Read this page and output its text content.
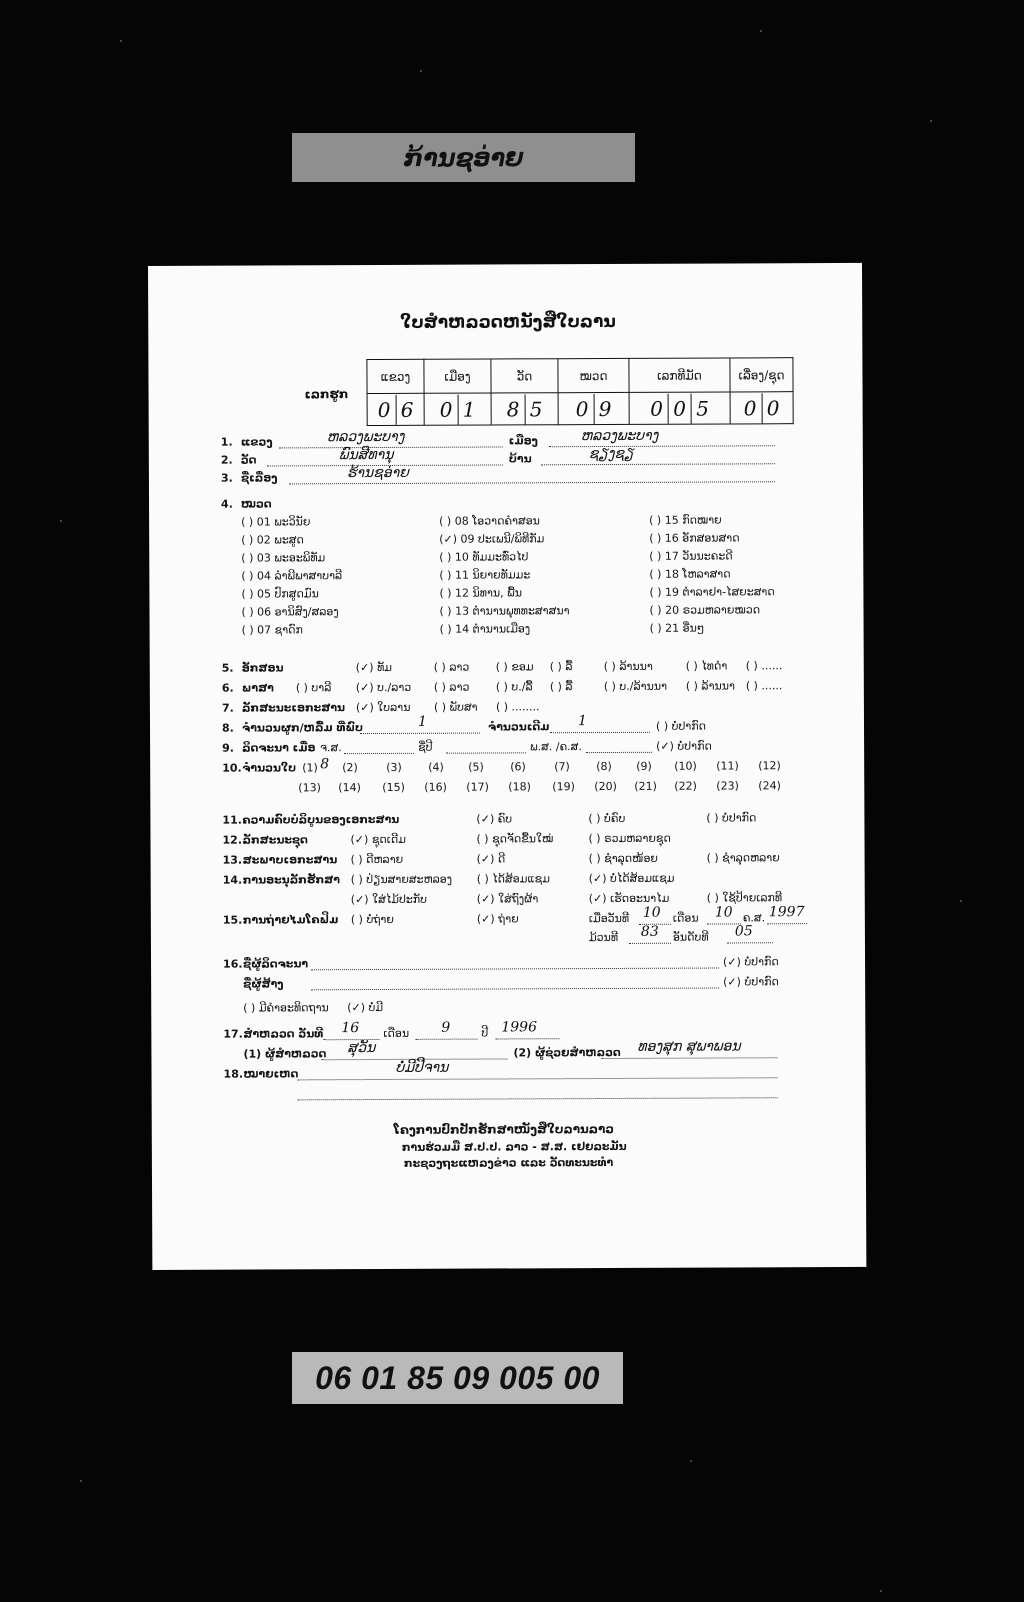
ກ້ານຊອ່າຍ
ໃບສຳຫລວດຫນັງສືໃບລານ
ເລກຮູກ
ແຂວງ	ເມືອງ	ວັດ	ໝວດ	ເລກທີມັດ	ເລື່ອງ/ຊຸດ
0 6	0 1	8 5	0 9	0 0 5	0 0
1. ແຂວງ	ຫລວງພະບາງ	ເມືອງ	ຫລວງພະບາງ
2. ວັດ	ພົນສີທານຸ	ບ້ານ	ຊຽງຊຽ
3. ຊື່ເລື່ອງ	ຮ້ານຊອ່າຍ
4. ໝວດ
( ) 01 ພະວິນັຍ
( ) 02 ພະສູດ
( ) 03 ພະອະພິທັມ
( ) 04 ລຳພີພາສາບາລີ
( ) 05 ປົກສູດມົນ
( ) 06 ອານິສົງ/ສລອງ
( ) 07 ຊາດົກ
( ) 08 ໂອວາດຄຳສອນ
(✓) 09 ປະເພນີ/ພິທີກັມ
( ) 10 ທັມມະທົ່ວໄປ
( ) 11 ນິຍາຍທັມມະ
( ) 12 ນິທານ, ພື້ນ
( ) 13 ຕຳນານພຸທທະສາສນາ
( ) 14 ຕຳນານເມືອງ
( ) 15 ກົດໝາຍ
( ) 16 ອັກສອນສາດ
( ) 17 ວັນນະຄະດີ
( ) 18 ໂຫລາສາດ
( ) 19 ຕຳລາຢາ-ໄສຍະສາດ
( ) 20 ຣວມຫລາຍໝວດ
( ) 21 ອື່ນໆ
5. ອັກສອນ	(✓) ທັມ	( ) ລາວ ( ) ຂອມ ( ) ລື້	( ) ລ້ານນາ	( ) ໄທດຳ ( ) ......
6. ພາສາ ( ) ບາລີ (✓) ບ./ລາວ ( ) ລາວ ( ) ບ./ລື້ ( ) ລື້	( ) ບ./ລ້ານນາ ( ) ລ້ານນາ ( ) ......
7. ລັກສະນະເອກະສານ (✓) ໃບລານ ( ) ພັບສາ ( ) ........
8. ຈຳນວນຜູກ/ຫລື້ມ ທີ່ພົບ	1	ຈຳນວນເດີມ 1	( ) ບໍ່ປາກົດ
9. ລິດຈະນາ ເມື່ອ ຈ.ສ.	ຊື່ປີ	ພ.ສ. /ຄ.ສ.	(✓) ບໍ່ປາກົດ
10. ຈຳນວນໃບ 8
(1) (2)	(3) (4) (5) (6)	(7) (8) (9) (10) (11) (12)
(13) (14) (15) (16) (17) (18) (19) (20) (21) (22) (23) (24)
11. ຄວາມຄົບບໍລິບູນຂອງເອກະສານ	(✓) ຄົບ	( ) ບໍ່ຄົບ	( ) ບໍ່ປາກົດ
12. ລັກສະນະຊຸດ	(✓) ຊຸດເດີມ	( ) ຊຸດຈັດຂື້ນໃໝ່	( ) ຣວມຫລາຍຊຸດ
13. ສະພາບເອກະສານ ( ) ດີຫລາຍ	(✓) ດີ	( ) ຊຳລຸດໜ້ອຍ	( ) ຊຳລຸດຫລາຍ
14. ການອະນຸລັກຮັກສາ ( ) ປ່ຽນສາຍສະຫລອງ ( ) ໄດ້ສ້ອມແຊມ	(✓) ບໍ່ໄດ້ສ້ອມແຊມ
(✓) ໃສ່ໄມ້ປະກັບ	(✓) ໃສ່ຖົງຜ້າ	(✓) ເຮັດອະນາໄມ	( ) ໃຊ້ປ້າຍເລກທີ
15. ການຖ່າຍໄມໂຄຟິມ ( ) ບໍ່ຖ່າຍ	(✓) ຖ່າຍ	ເມື່ອວັນທີ 10 ເດືອນ 10 ຄ.ສ. 1997
ມ້ວນທີ 83 ອັນດັບທີ 05
16. ຊື່ຜູ້ລິດຈະນາ	(✓) ບໍ່ປາກົດ
ຊື່ຜູ້ສ້າງ	(✓) ບໍ່ປາກົດ
( ) ມີຄຳອະທິດຖານ (✓) ບໍ່ມີ
17. ສຳຫລວດ ວັນທີ 16 ເດືອນ 9	ປີ 1996
(1) ຜູ້ສຳຫລວດ ສຸວັນ	(2) ຜູ້ຊ່ວຍສຳຫລວດ ທອງສຸກ ສຸພາພອນ
18. ໝາຍເຫດ	ບໍ່ມີປີຈານ
ໂຄງການປົກປັກຮັກສາໜັງສືໃບລານລາວ
ການຮ່ວມມື ສ.ປ.ປ. ລາວ - ສ.ສ. ເຢຍລະມັນ
ກະຊວງຖະແຫລງຂ່າວ ແລະ ວັດທະນະທຳ
06 01 85 09 005 00
